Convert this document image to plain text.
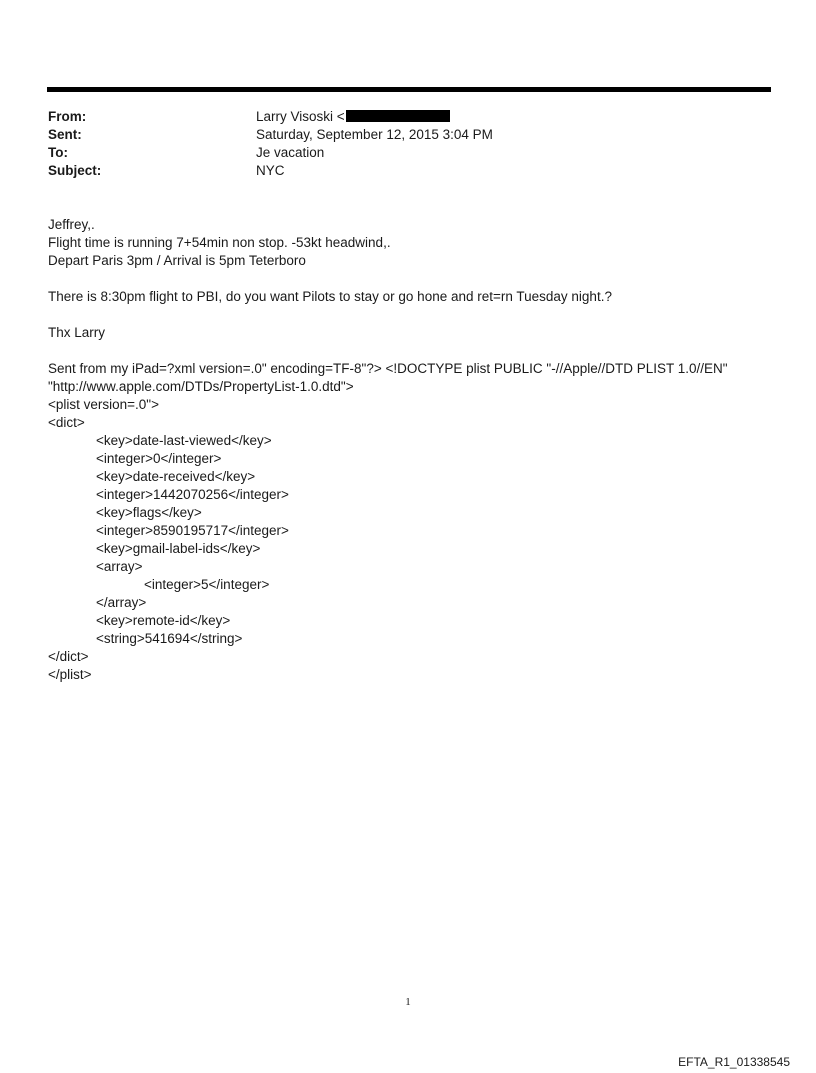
From:	Larry Visoski <
Sent:	Saturday, September 12, 2015 3:04 PM
To:	Je vacation
Subject:	NYC
Jeffrey,.
Flight time is running 7+54min non stop. -53kt headwind,.
Depart Paris 3pm / Arrival is 5pm Teterboro
There is 8:30pm flight to PBI, do you want Pilots to stay or go hone and ret=rn Tuesday night.?
Thx Larry
Sent from my iPad=?xml version=.0" encoding=TF-8"?> <!DOCTYPE plist PUBLIC "-//Apple//DTD PLIST 1.0//EN"
"http://www.apple.com/DTDs/PropertyList-1.0.dtd">
<plist version=.0">
<dict>
<key>date-last-viewed</key>
<integer>0</integer>
<key>date-received</key>
<integer>1442070256</integer>
<key>flags</key>
<integer>8590195717</integer>
<key>gmail-label-ids</key>
<array>
<integer>5</integer>
</array>
<key>remote-id</key>
<string>541694</string>
</dict>
</plist>
1
EFTA_R1_01338545
